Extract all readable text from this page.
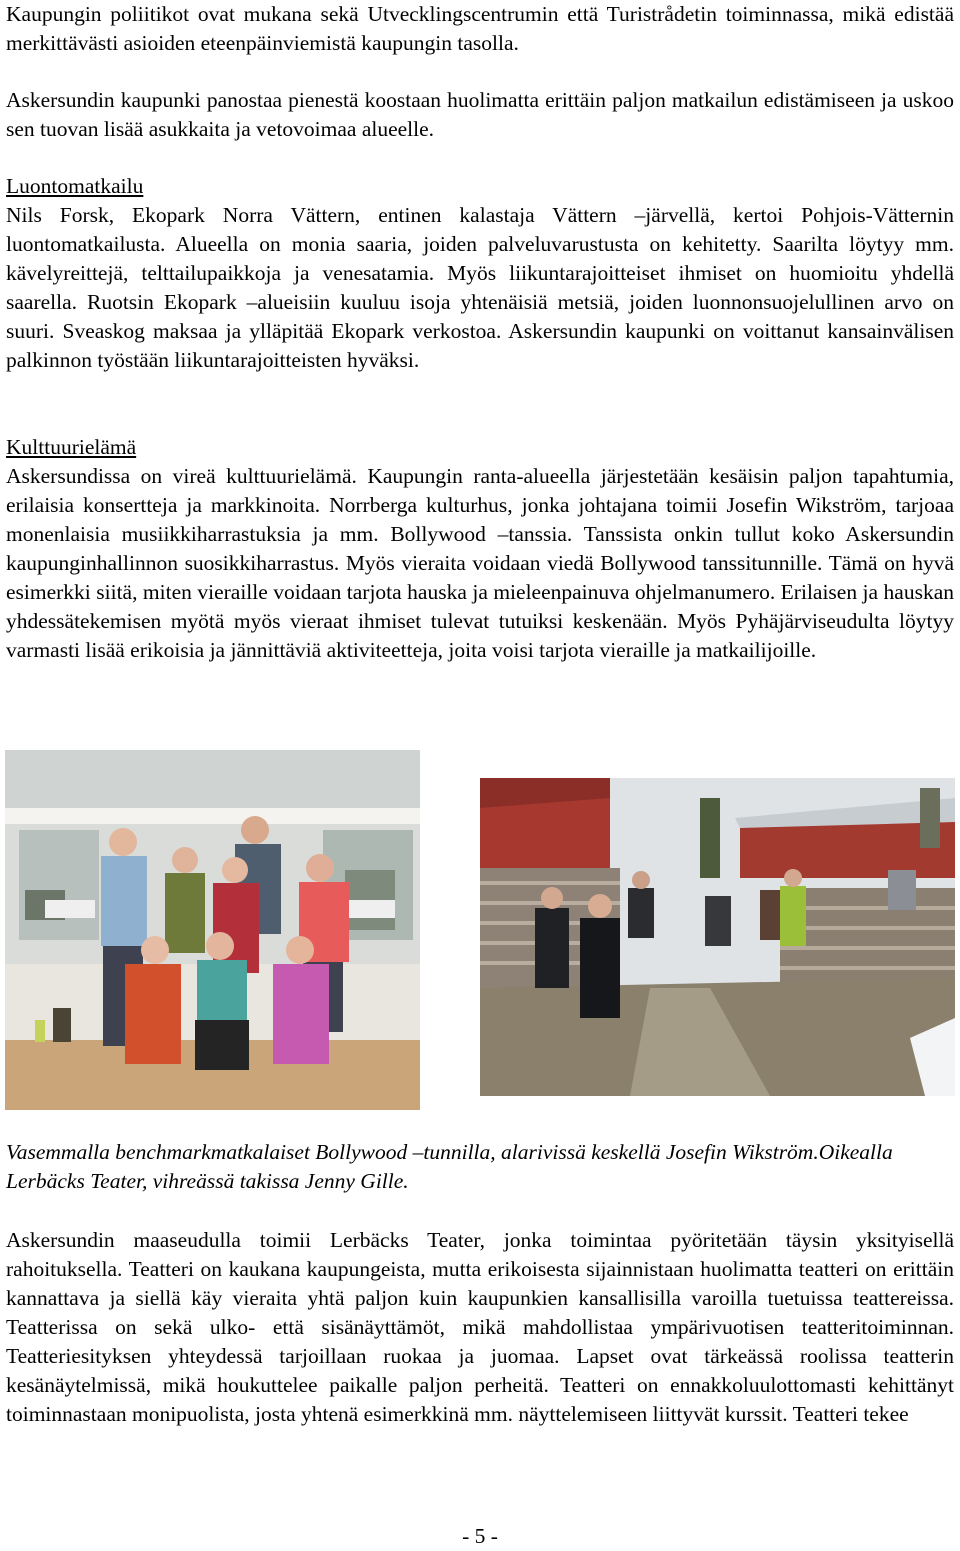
Kaupungin poliitikot ovat mukana sekä Utvecklingscentrumin että Turistrådetin toiminnassa, mikä edistää merkittävästi asioiden eteenpäinviemistä kaupungin tasolla.

Askersundin kaupunki panostaa pienestä koostaan huolimatta erittäin paljon matkailun edistämiseen ja uskoo sen tuovan lisää asukkaita ja vetovoimaa alueelle.

Luontomatkailu

Nils Forsk, Ekopark Norra Vättern, entinen kalastaja Vättern –järvellä, kertoi Pohjois-Vätternin luontomatkailusta. Alueella on monia saaria, joiden palveluvarustusta on kehitetty. Saarilta löytyy mm. kävelyreittejä, telttailupaikkoja ja venesatamia. Myös liikuntarajoitteiset ihmiset on huomioitu yhdellä saarella. Ruotsin Ekopark –alueisiin kuuluu isoja yhtenäisiä metsiä, joiden luonnonsuojelullinen arvo on suuri. Sveaskog maksaa ja ylläpitää Ekopark verkostoa. Askersundin kaupunki on voittanut kansainvälisen palkinnon työstään liikuntarajoitteisten hyväksi.

Kulttuurielämä

Askersundissa on vireä kulttuurielämä. Kaupungin ranta-alueella järjestetään kesäisin paljon tapahtumia, erilaisia konsertteja ja markkinoita. Norrberga kulturhus, jonka johtajana toimii Josefin Wikström, tarjoaa monenlaisia musiikkiharrastuksia ja mm. Bollywood –tanssia. Tanssista onkin tullut koko Askersundin kaupunginhallinnon suosikkiharrastus. Myös vieraita voidaan viedä Bollywood tanssitunnille. Tämä on hyvä esimerkki siitä, miten vieraille voidaan tarjota hauska ja mieleenpainuva ohjelmanumero. Erilaisen ja hauskan yhdessätekemisen myötä myös vieraat ihmiset tulevat tutuiksi keskenään. Myös Pyhäjärviseudulta löytyy varmasti lisää erikoisia ja jännittäviä aktiviteetteja, joita voisi tarjota vieraille ja matkailijoille.

Vasemmalla benchmarkmatkalaiset Bollywood –tunnilla, alarivissä keskellä Josefin Wikström.Oikealla Lerbäcks Teater, vihreässä takissa Jenny Gille.

Askersundin maaseudulla toimii Lerbäcks Teater, jonka toimintaa pyöritetään täysin yksityisellä rahoituksella. Teatteri on kaukana kaupungeista, mutta erikoisesta sijainnistaan huolimatta teatteri on erittäin kannattava ja siellä käy vieraita yhtä paljon kuin kaupunkien kansallisilla varoilla tuetuissa teattereissa. Teatterissa on sekä ulko- että sisänäyttämöt, mikä mahdollistaa ympärivuotisen teatteritoiminnan. Teatteriesityksen yhteydessä tarjoillaan ruokaa ja juomaa. Lapset ovat tärkeässä roolissa teatterin kesänäytelmissä, mikä houkuttelee paikalle paljon perheitä. Teatteri on ennakkoluulottomasti kehittänyt toiminnastaan monipuolista, josta yhtenä esimerkkinä mm. näyttelemiseen liittyvät kurssit. Teatteri tekee

- 5 -
